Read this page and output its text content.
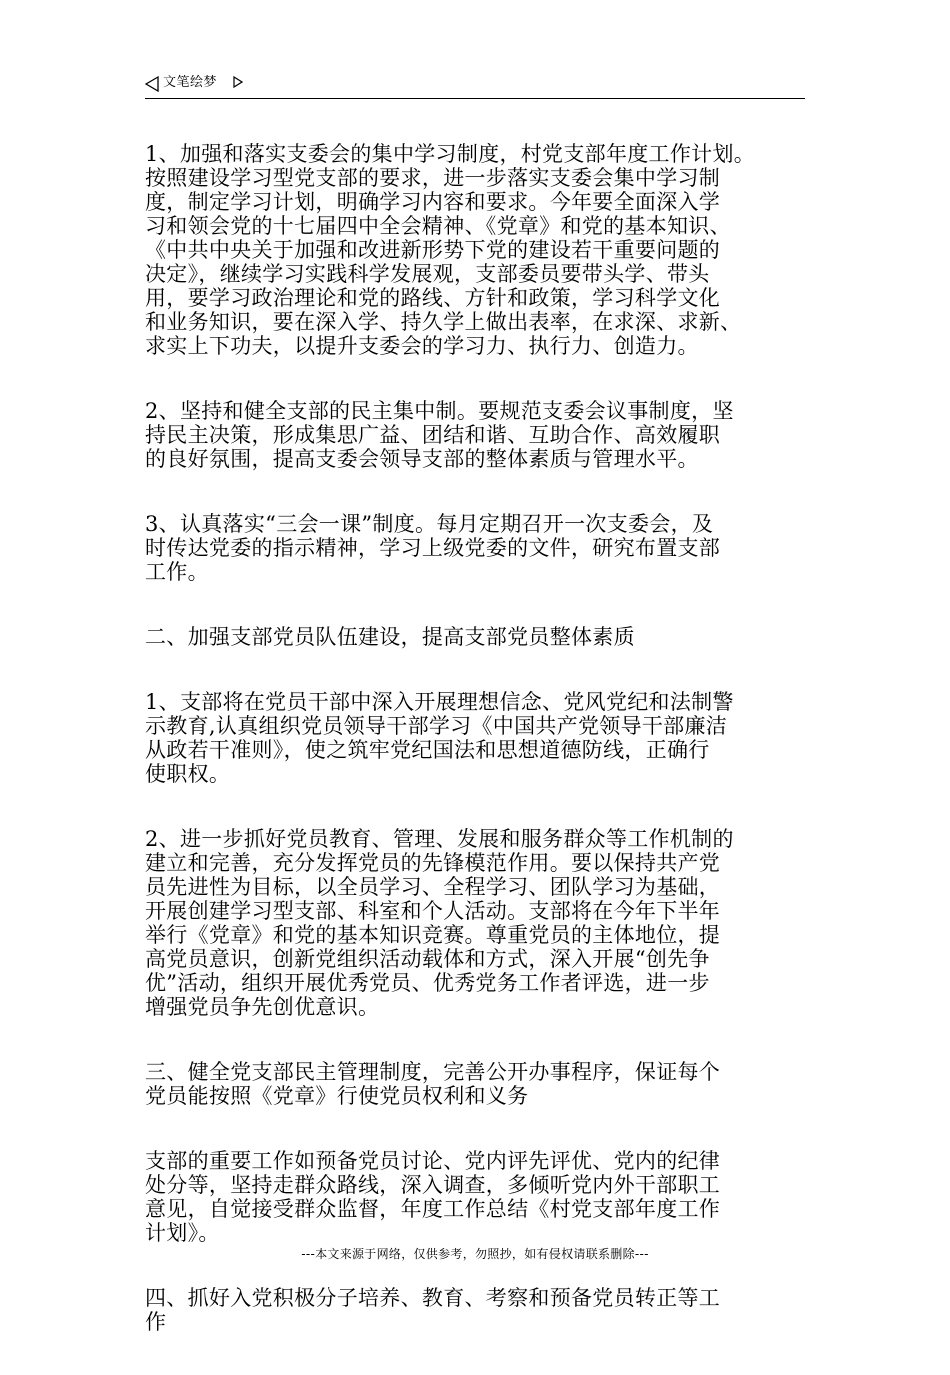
文笔绘梦

1、加强和落实支委会的集中学习制度，村党支部年度工作计划。
按照建设学习型党支部的要求，进一步落实支委会集中学习制
度，制定学习计划，明确学习内容和要求。今年要全面深入学
习和领会党的十七届四中全会精神、《党章》和党的基本知识、
《中共中央关于加强和改进新形势下党的建设若干重要问题的
决定》，继续学习实践科学发展观，支部委员要带头学、带头
用，要学习政治理论和党的路线、方针和政策，学习科学文化
和业务知识，要在深入学、持久学上做出表率，在求深、求新、
求实上下功夫，以提升支委会的学习力、执行力、创造力。

2、坚持和健全支部的民主集中制。要规范支委会议事制度，坚
持民主决策，形成集思广益、团结和谐、互助合作、高效履职
的良好氛围，提高支委会领导支部的整体素质与管理水平。

3、认真落实“三会一课”制度。每月定期召开一次支委会，及
时传达党委的指示精神，学习上级党委的文件，研究布置支部
工作。

二、加强支部党员队伍建设，提高支部党员整体素质

1、支部将在党员干部中深入开展理想信念、党风党纪和法制警
示教育,认真组织党员领导干部学习《中国共产党领导干部廉洁
从政若干准则》，使之筑牢党纪国法和思想道德防线，正确行
使职权。

2、进一步抓好党员教育、管理、发展和服务群众等工作机制的
建立和完善，充分发挥党员的先锋模范作用。要以保持共产党
员先进性为目标，以全员学习、全程学习、团队学习为基础，
开展创建学习型支部、科室和个人活动。支部将在今年下半年
举行《党章》和党的基本知识竞赛。尊重党员的主体地位，提
高党员意识，创新党组织活动载体和方式，深入开展“创先争
优”活动，组织开展优秀党员、优秀党务工作者评选，进一步
增强党员争先创优意识。

三、健全党支部民主管理制度，完善公开办事程序，保证每个
党员能按照《党章》行使党员权利和义务

支部的重要工作如预备党员讨论、党内评先评优、党内的纪律
处分等，坚持走群众路线，深入调查，多倾听党内外干部职工
意见，自觉接受群众监督，年度工作总结《村党支部年度工作
计划》。

四、抓好入党积极分子培养、教育、考察和预备党员转正等工
作

---本文来源于网络，仅供参考，勿照抄，如有侵权请联系删除---
